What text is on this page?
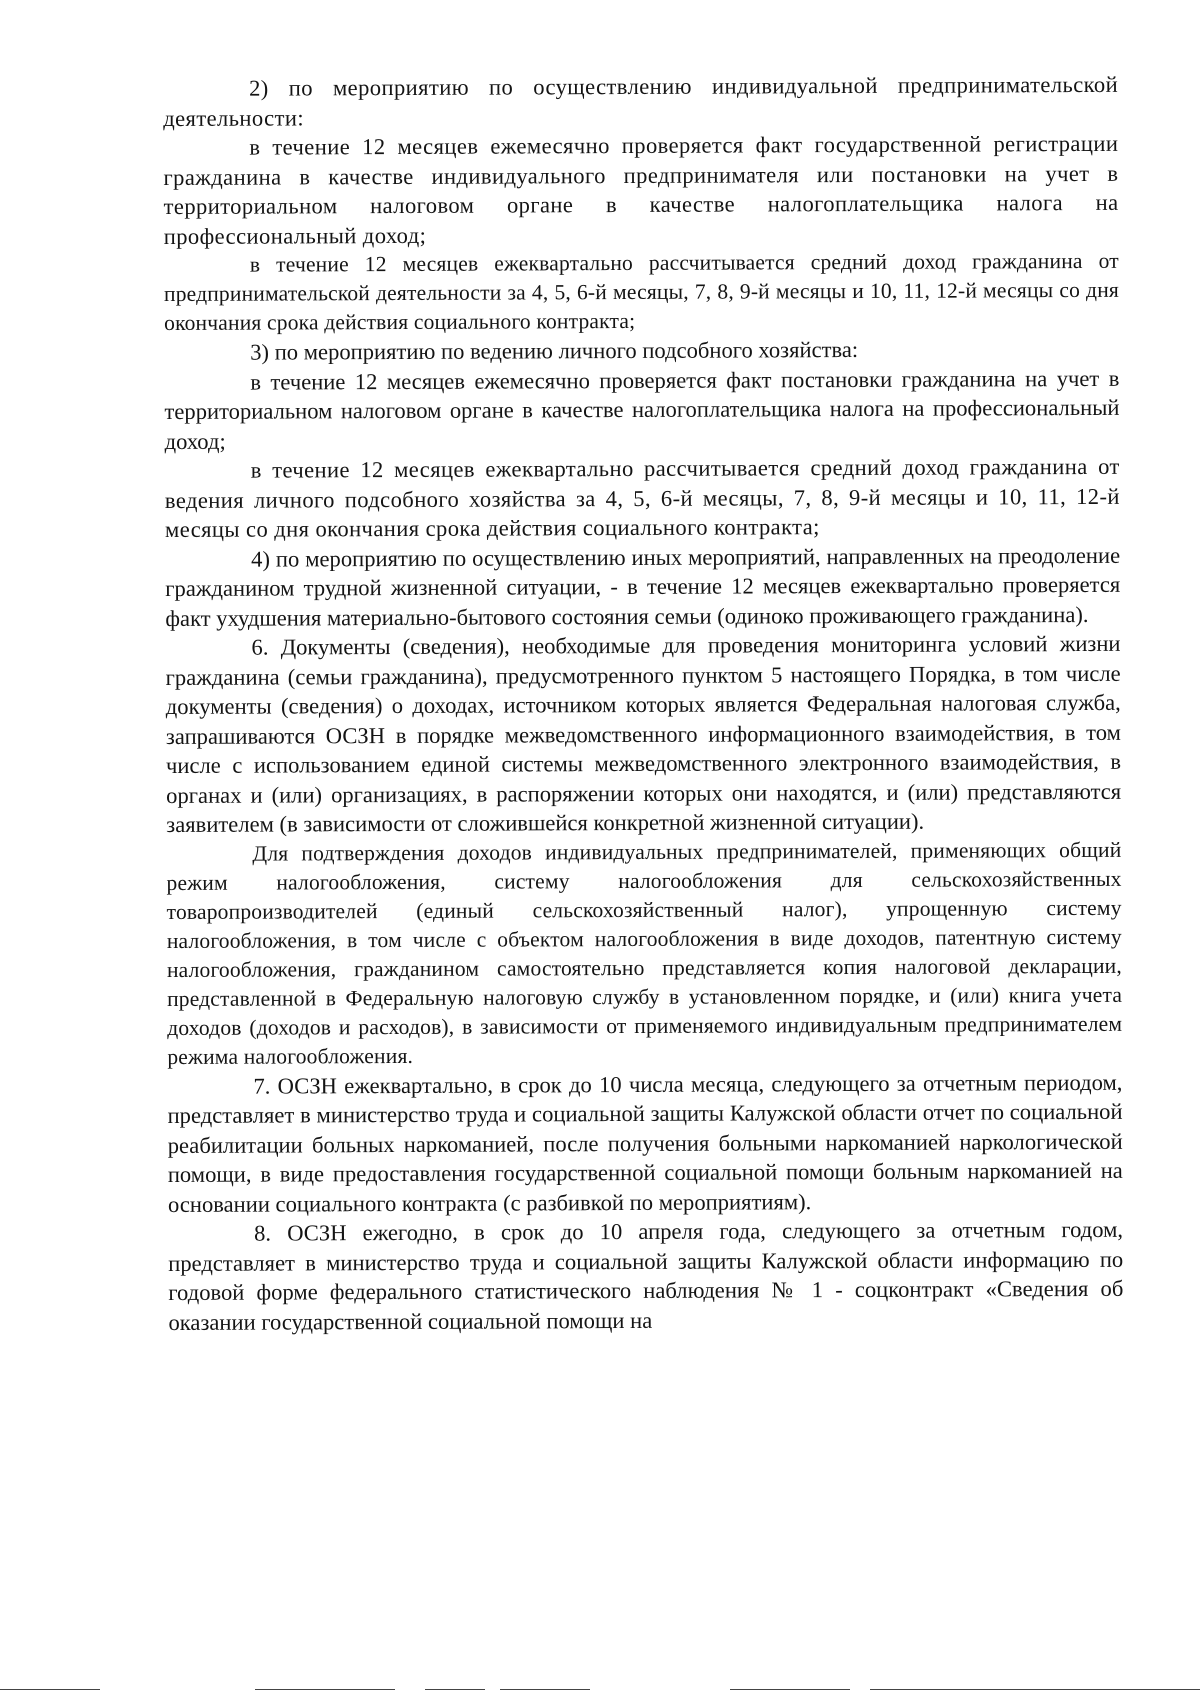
2) по мероприятию по осуществлению индивидуальной предпринимательской деятельности:

в течение 12 месяцев ежемесячно проверяется факт государственной регистрации гражданина в качестве индивидуального предпринимателя или постановки на учет в территориальном налоговом органе в качестве налогоплательщика налога на профессиональный доход;

в течение 12 месяцев ежеквартально рассчитывается средний доход гражданина от предпринимательской деятельности за 4, 5, 6-й месяцы, 7, 8, 9-й месяцы и 10, 11, 12-й месяцы со дня окончания срока действия социального контракта;

3) по мероприятию по ведению личного подсобного хозяйства:

в течение 12 месяцев ежемесячно проверяется факт постановки гражданина на учет в территориальном налоговом органе в качестве налогоплательщика налога на профессиональный доход;

в течение 12 месяцев ежеквартально рассчитывается средний доход гражданина от ведения личного подсобного хозяйства за 4, 5, 6-й месяцы, 7, 8, 9-й месяцы и 10, 11, 12-й месяцы со дня окончания срока действия социального контракта;

4) по мероприятию по осуществлению иных мероприятий, направленных на преодоление гражданином трудной жизненной ситуации, - в течение 12 месяцев ежеквартально проверяется факт ухудшения материально-бытового состояния семьи (одиноко проживающего гражданина).

6. Документы (сведения), необходимые для проведения мониторинга условий жизни гражданина (семьи гражданина), предусмотренного пунктом 5 настоящего Порядка, в том числе документы (сведения) о доходах, источником которых является Федеральная налоговая служба, запрашиваются ОСЗН в порядке межведомственного информационного взаимодействия, в том числе с использованием единой системы межведомственного электронного взаимодействия, в органах и (или) организациях, в распоряжении которых они находятся, и (или) представляются заявителем (в зависимости от сложившейся конкретной жизненной ситуации).

Для подтверждения доходов индивидуальных предпринимателей, применяющих общий режим налогообложения, систему налогообложения для сельскохозяйственных товаропроизводителей (единый сельскохозяйственный налог), упрощенную систему налогообложения, в том числе с объектом налогообложения в виде доходов, патентную систему налогообложения, гражданином самостоятельно представляется копия налоговой декларации, представленной в Федеральную налоговую службу в установленном порядке, и (или) книга учета доходов (доходов и расходов), в зависимости от применяемого индивидуальным предпринимателем режима налогообложения.

7. ОСЗН ежеквартально, в срок до 10 числа месяца, следующего за отчетным периодом, представляет в министерство труда и социальной защиты Калужской области отчет по социальной реабилитации больных наркоманией, после получения больными наркоманией наркологической помощи, в виде предоставления государственной социальной помощи больным наркоманией на основании социального контракта (с разбивкой по мероприятиям).

8. ОСЗН ежегодно, в срок до 10 апреля года, следующего за отчетным годом, представляет в министерство труда и социальной защиты Калужской области информацию по годовой форме федерального статистического наблюдения № 1 - соцконтракт «Сведения об оказании государственной социальной помощи на
